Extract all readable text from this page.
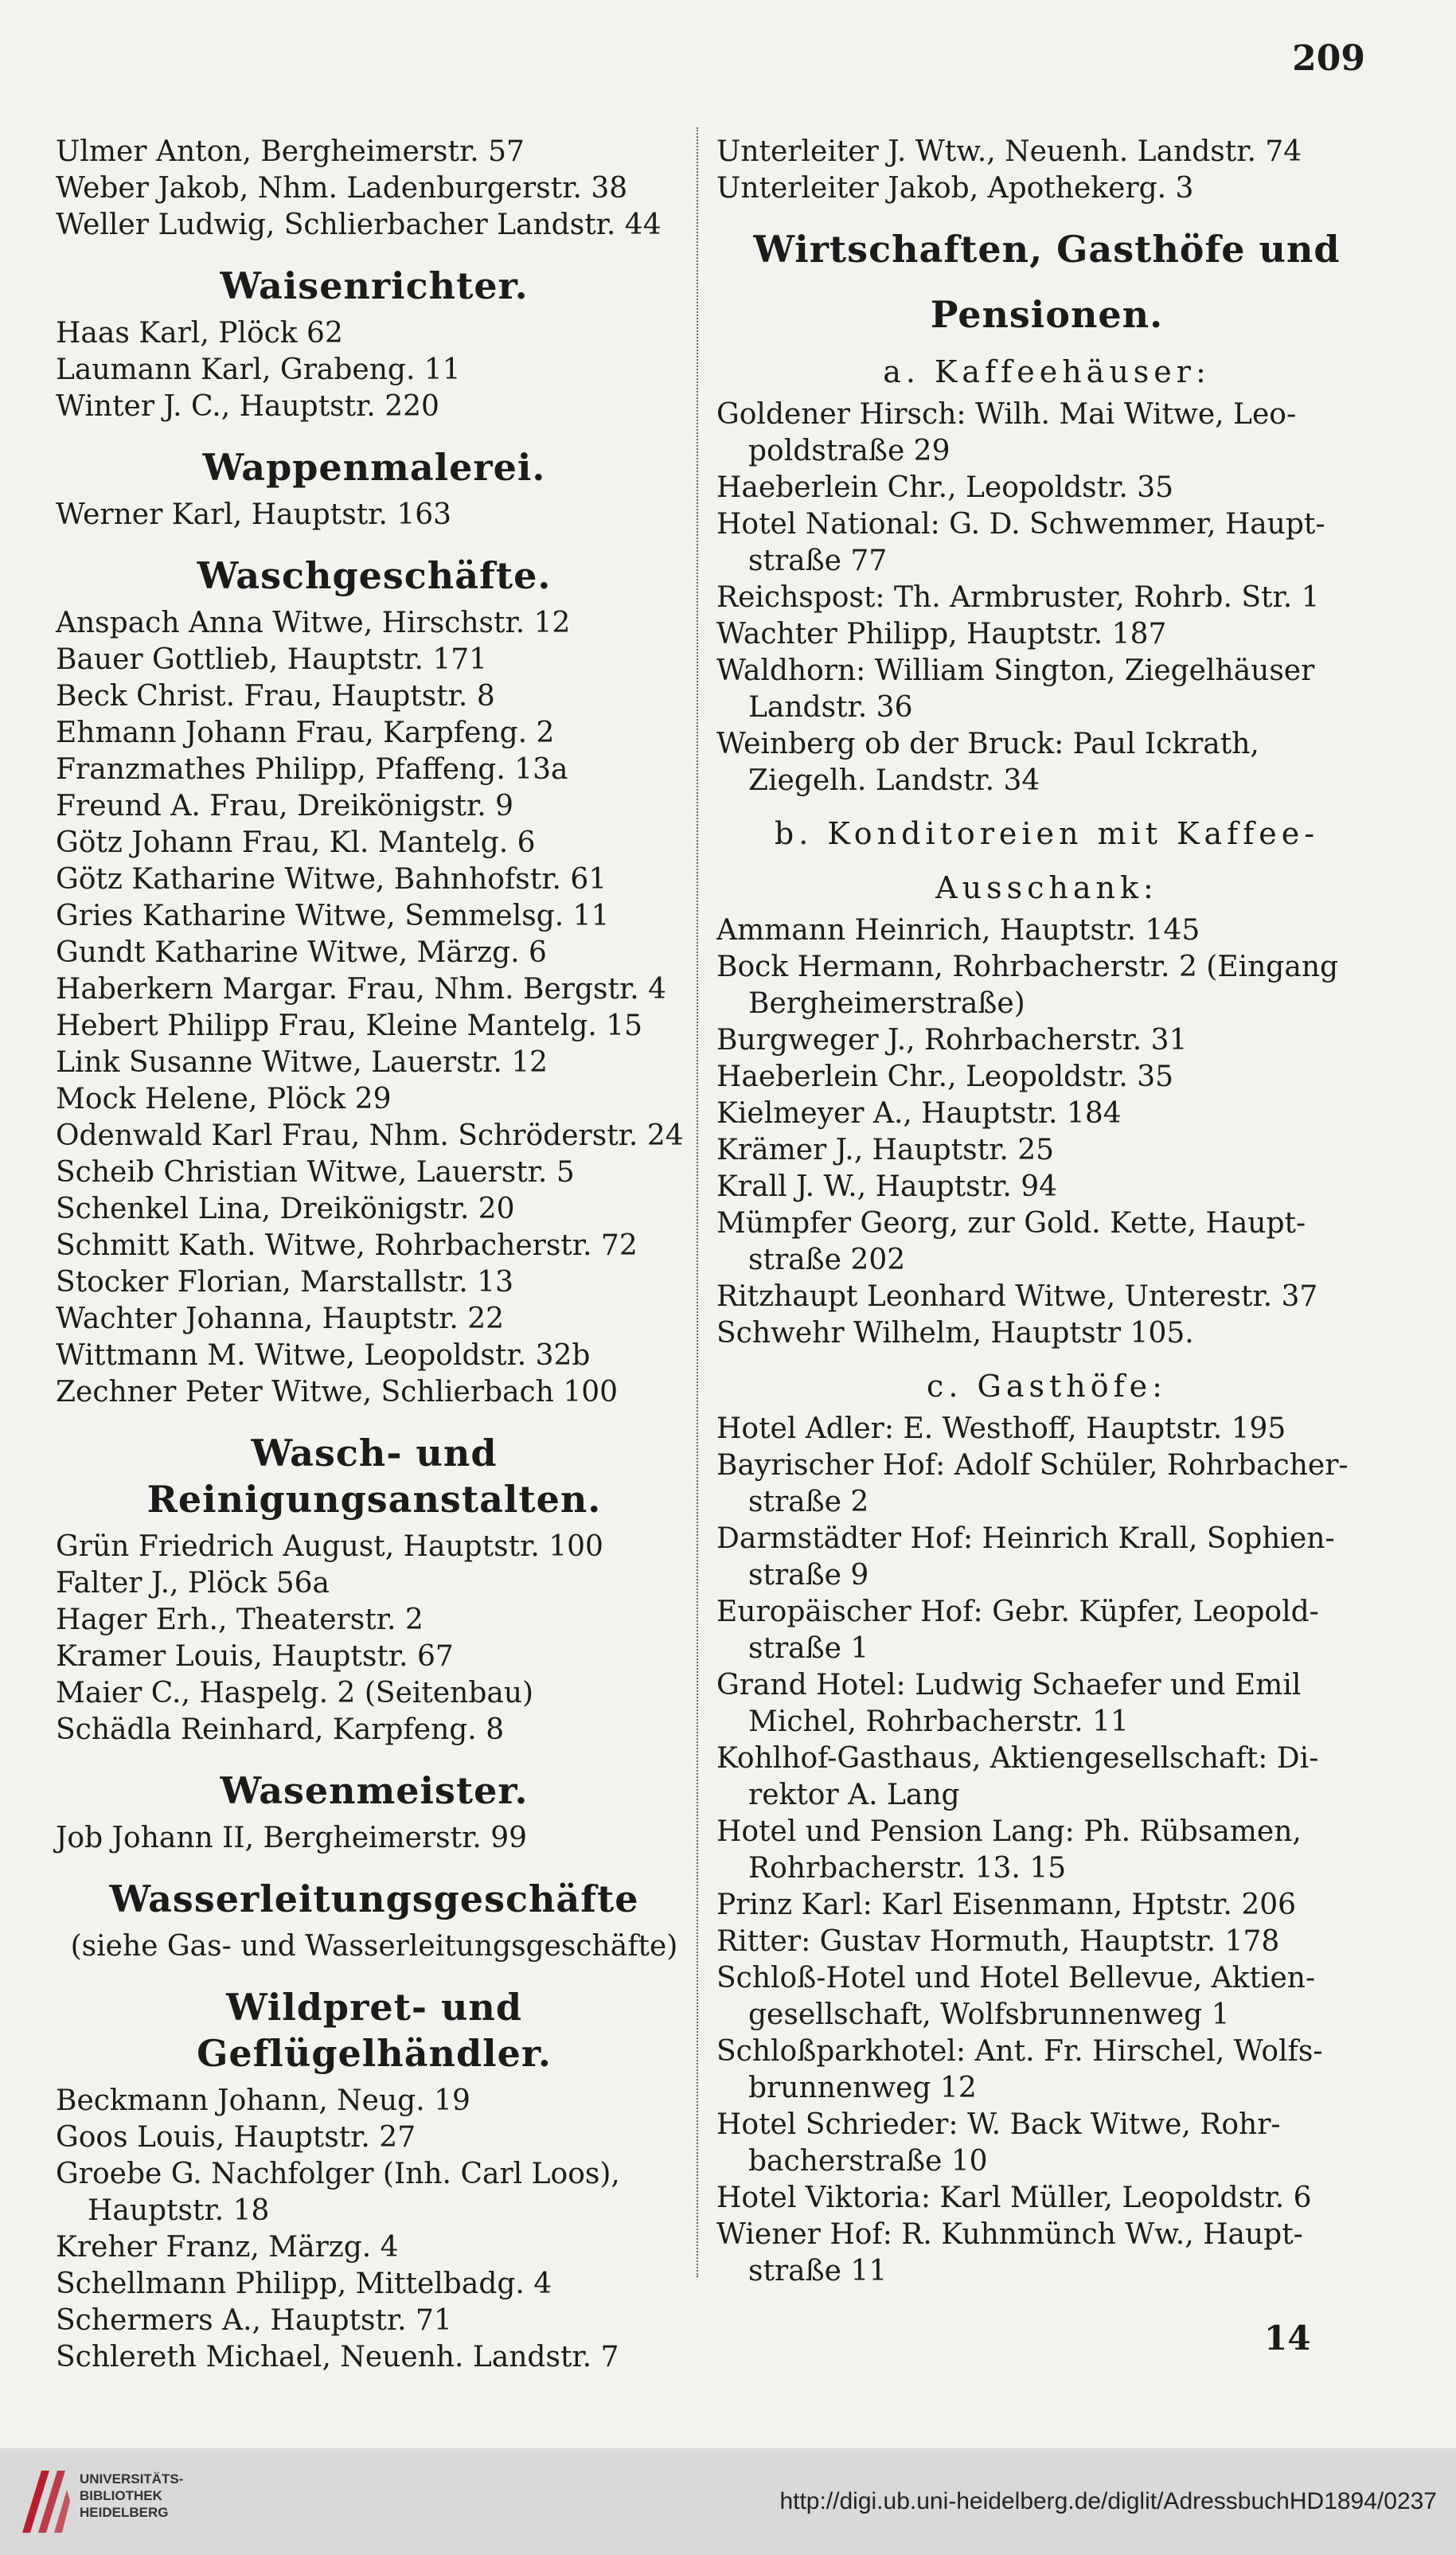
209
Ulmer Anton, Bergheimerstr. 57
Weber Jakob, Nhm. Ladenburgerstr. 38
Weller Ludwig, Schlierbacher Landstr. 44
Waisenrichter.
Haas Karl, Plöck 62
Laumann Karl, Grabeng. 11
Winter J. C., Hauptstr. 220
Wappenmalerei.
Werner Karl, Hauptstr. 163
Waschgeschäfte.
Anspach Anna Witwe, Hirschstr. 12
Bauer Gottlieb, Hauptstr. 171
Beck Christ. Frau, Hauptstr. 8
Ehmann Johann Frau, Karpfeng. 2
Franzmathes Philipp, Pfaffeng. 13a
Freund A. Frau, Dreikönigstr. 9
Götz Johann Frau, Kl. Mantelg. 6
Götz Katharine Witwe, Bahnhofstr. 61
Gries Katharine Witwe, Semmelsg. 11
Gundt Katharine Witwe, Märzg. 6
Haberkern Margar. Frau, Nhm. Bergstr. 4
Hebert Philipp Frau, Kleine Mantelg. 15
Link Susanne Witwe, Lauerstr. 12
Mock Helene, Plöck 29
Odenwald Karl Frau, Nhm. Schröderstr. 24
Scheib Christian Witwe, Lauerstr. 5
Schenkel Lina, Dreikönigstr. 20
Schmitt Kath. Witwe, Rohrbacherstr. 72
Stocker Florian, Marstallstr. 13
Wachter Johanna, Hauptstr. 22
Wittmann M. Witwe, Leopoldstr. 32b
Zechner Peter Witwe, Schlierbach 100
Wasch- und Reinigungsanstalten.
Grün Friedrich August, Hauptstr. 100
Falter J., Plöck 56a
Hager Erh., Theaterstr. 2
Kramer Louis, Hauptstr. 67
Maier C., Haspelg. 2 (Seitenbau)
Schädla Reinhard, Karpfeng. 8
Wasenmeister.
Job Johann II, Bergheimerstr. 99
Wasserleitungsgeschäfte
(siehe Gas- und Wasserleitungsgeschäfte)
Wildpret- und Geflügelhändler.
Beckmann Johann, Neug. 19
Goos Louis, Hauptstr. 27
Groebe G. Nachfolger (Inh. Carl Loos),
Hauptstr. 18
Kreher Franz, Märzg. 4
Schellmann Philipp, Mittelbadg. 4
Schermers A., Hauptstr. 71
Schlereth Michael, Neuenh. Landstr. 7
Unterleiter J. Wtw., Neuenh. Landstr. 74
Unterleiter Jakob, Apothekerg. 3
Wirtschaften, Gasthöfe und
Pensionen.
a. Kaffeehäuser:
Goldener Hirsch: Wilh. Mai Witwe, Leo-
poldstraße 29
Haeberlein Chr., Leopoldstr. 35
Hotel National: G. D. Schwemmer, Haupt-
straße 77
Reichspost: Th. Armbruster, Rohrb. Str. 1
Wachter Philipp, Hauptstr. 187
Waldhorn: William Sington, Ziegelhäuser
Landstr. 36
Weinberg ob der Bruck: Paul Ickrath,
Ziegelh. Landstr. 34
b. Konditoreien mit Kaffee-
Ausschank:
Ammann Heinrich, Hauptstr. 145
Bock Hermann, Rohrbacherstr. 2 (Eingang
Bergheimerstraße)
Burgweger J., Rohrbacherstr. 31
Haeberlein Chr., Leopoldstr. 35
Kielmeyer A., Hauptstr. 184
Krämer J., Hauptstr. 25
Krall J. W., Hauptstr. 94
Mümpfer Georg, zur Gold. Kette, Haupt-
straße 202
Ritzhaupt Leonhard Witwe, Unterestr. 37
Schwehr Wilhelm, Hauptstr 105.
c. Gasthöfe:
Hotel Adler: E. Westhoff, Hauptstr. 195
Bayrischer Hof: Adolf Schüler, Rohrbacher-
straße 2
Darmstädter Hof: Heinrich Krall, Sophien-
straße 9
Europäischer Hof: Gebr. Küpfer, Leopold-
straße 1
Grand Hotel: Ludwig Schaefer und Emil
Michel, Rohrbacherstr. 11
Kohlhof-Gasthaus, Aktiengesellschaft: Di-
rektor A. Lang
Hotel und Pension Lang: Ph. Rübsamen,
Rohrbacherstr. 13. 15
Prinz Karl: Karl Eisenmann, Hptstr. 206
Ritter: Gustav Hormuth, Hauptstr. 178
Schloß-Hotel und Hotel Bellevue, Aktien-
gesellschaft, Wolfsbrunnenweg 1
Schloßparkhotel: Ant. Fr. Hirschel, Wolfs-
brunnenweg 12
Hotel Schrieder: W. Back Witwe, Rohr-
bacherstraße 10
Hotel Viktoria: Karl Müller, Leopoldstr. 6
Wiener Hof: R. Kuhnmünch Ww., Haupt-
straße 11
14
UNIVERSITÄTS-
BIBLIOTHEK
HEIDELBERG	http://digi.ub.uni-heidelberg.de/diglit/AdressbuchHD1894/0237
